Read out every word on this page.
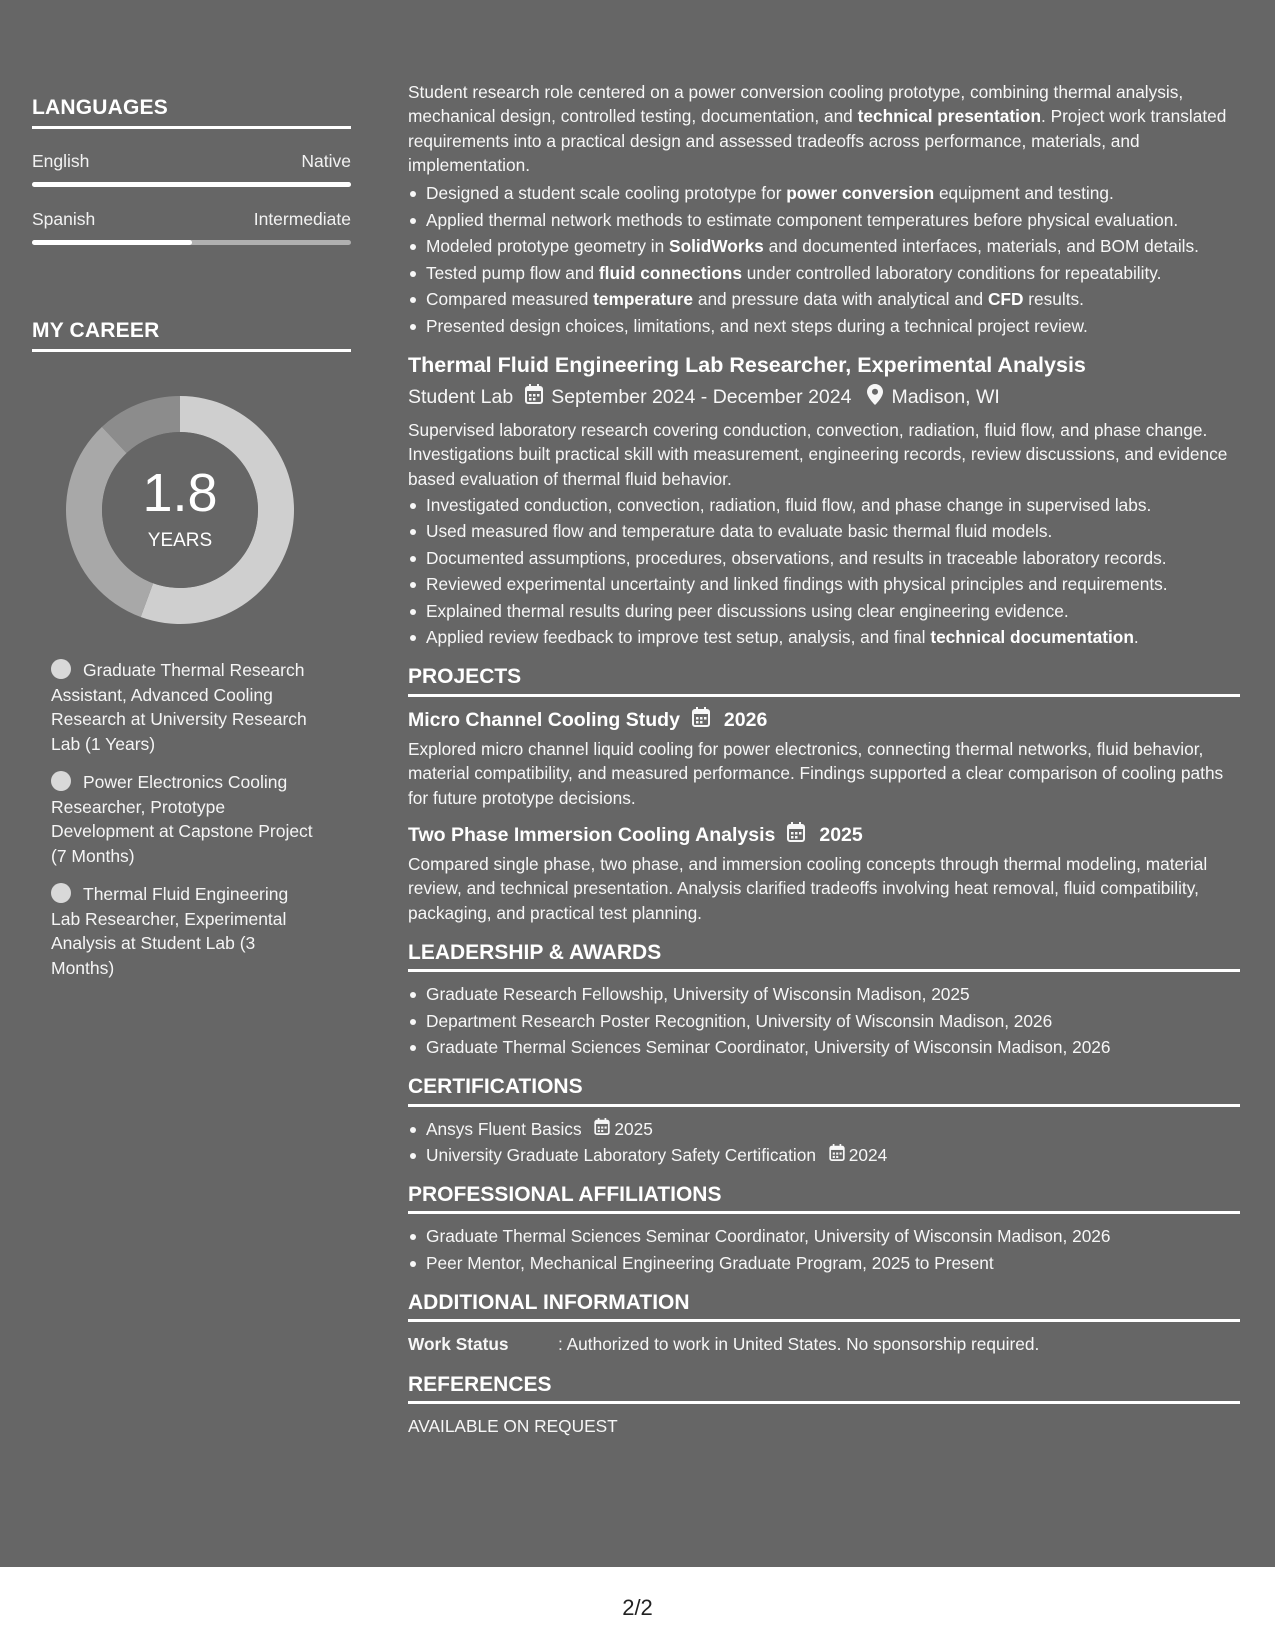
LANGUAGES
English	Native
Spanish	Intermediate
MY CAREER
1.8
YEARS
Graduate Thermal Research Assistant, Advanced Cooling Research at University Research Lab (1 Years)
Power Electronics Cooling Researcher, Prototype Development at Capstone Project (7 Months)
Thermal Fluid Engineering Lab Researcher, Experimental Analysis at Student Lab (3 Months)

Student research role centered on a power conversion cooling prototype, combining thermal analysis, mechanical design, controlled testing, documentation, and technical presentation. Project work translated requirements into a practical design and assessed tradeoffs across performance, materials, and implementation.

Designed a student scale cooling prototype for power conversion equipment and testing.
Applied thermal network methods to estimate component temperatures before physical evaluation.
Modeled prototype geometry in SolidWorks and documented interfaces, materials, and BOM details.
Tested pump flow and fluid connections under controlled laboratory conditions for repeatability.
Compared measured temperature and pressure data with analytical and CFD results.
Presented design choices, limitations, and next steps during a technical project review.
Thermal Fluid Engineering Lab Researcher, Experimental Analysis
Student Lab September 2024 - December 2024 Madison, WI

Supervised laboratory research covering conduction, convection, radiation, fluid flow, and phase change. Investigations built practical skill with measurement, engineering records, review discussions, and evidence based evaluation of thermal fluid behavior.

Investigated conduction, convection, radiation, fluid flow, and phase change in supervised labs.
Used measured flow and temperature data to evaluate basic thermal fluid models.
Documented assumptions, procedures, observations, and results in traceable laboratory records.
Reviewed experimental uncertainty and linked findings with physical principles and requirements.
Explained thermal results during peer discussions using clear engineering evidence.
Applied review feedback to improve test setup, analysis, and final technical documentation.
PROJECTS
Micro Channel Cooling Study 2026

Explored micro channel liquid cooling for power electronics, connecting thermal networks, fluid behavior, material compatibility, and measured performance. Findings supported a clear comparison of cooling paths for future prototype decisions.

Two Phase Immersion Cooling Analysis 2025

Compared single phase, two phase, and immersion cooling concepts through thermal modeling, material review, and technical presentation. Analysis clarified tradeoffs involving heat removal, fluid compatibility, packaging, and practical test planning.

LEADERSHIP & AWARDS
Graduate Research Fellowship, University of Wisconsin Madison, 2025
Department Research Poster Recognition, University of Wisconsin Madison, 2026
Graduate Thermal Sciences Seminar Coordinator, University of Wisconsin Madison, 2026
CERTIFICATIONS
Ansys Fluent Basics 2025
University Graduate Laboratory Safety Certification 2024
PROFESSIONAL AFFILIATIONS
Graduate Thermal Sciences Seminar Coordinator, University of Wisconsin Madison, 2026
Peer Mentor, Mechanical Engineering Graduate Program, 2025 to Present
ADDITIONAL INFORMATION
Work Status	: Authorized to work in United States. No sponsorship required.
REFERENCES
AVAILABLE ON REQUEST
2/2
